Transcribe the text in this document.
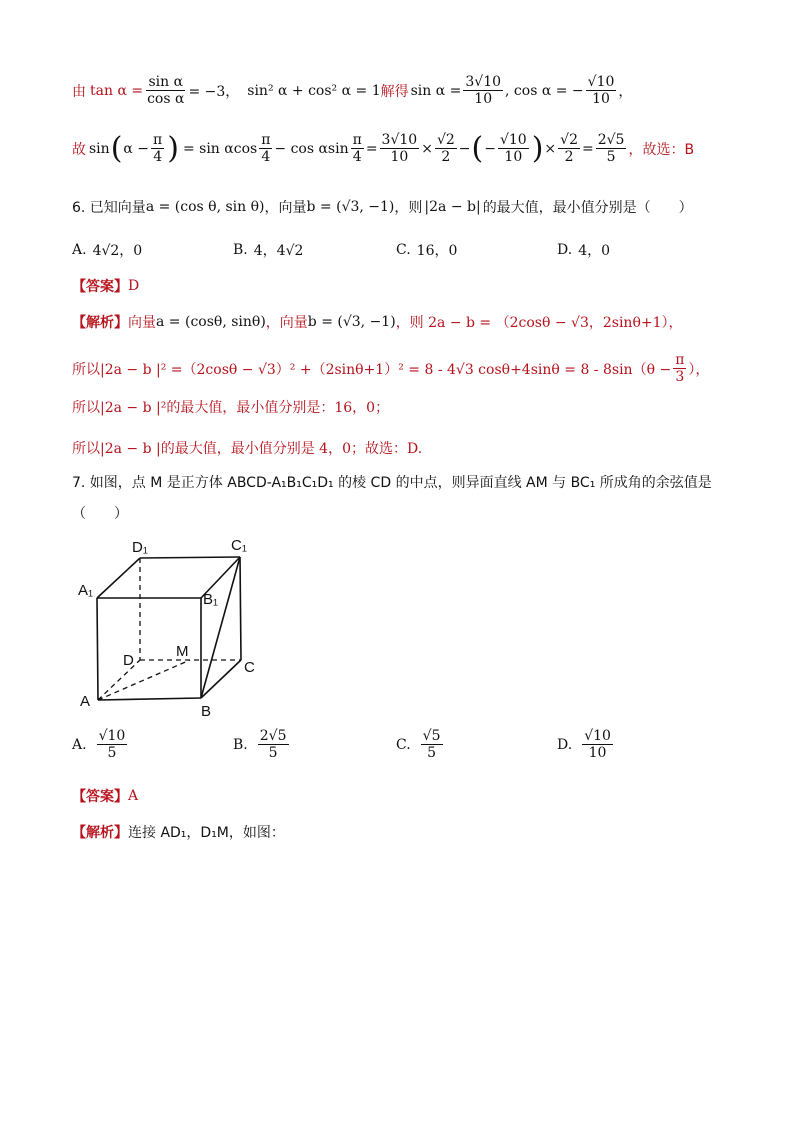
由 $\tan \alpha = \frac{\text{sin α}}{\text{cos α}} = -3$， sin² α + cos² α = 1 解得 $\sin \alpha = \frac{3√10}{10}$ , cos α = − $\frac{√10}{10}$ ，
故 sin ( $\alpha - \frac{\pi}{4}$ ) = sin αcos $\frac{\pi}{4} - \cos \alpha\sin \frac{\pi}{4} = \frac{3√10}{10} \times \frac{√2}{2}$ − ( − $\frac{√10}{10}$ ) × $\frac{√2}{2} = \frac{2√5}{5}$ ，故选：B
6. 已知向量 a = (cos θ, sin θ) ，向量 b = (√3, −1) ，则 |2a − b| 的最大值，最小值分别是（　　）
A. 4√2，0	B. 4，4√2	C. 16，0	D. 4，0
【答案】 D
【解析】 向量 a = (cosθ, sinθ) ，向量 b = (√3, −1) ，则 2a − b = （2cosθ − √3，2sinθ+1），
所以|2a − b |² =（2cosθ − √3）² +（2sinθ+1）² = 8 - 4√3 $\cos\theta+4\sin\theta = 8 - 8\sin(\theta - \frac{\pi}{3}$ ），
所以|2a − b |²的最大值，最小值分别是：16，0；
所以|2a − b |的最大值，最小值分别是 4，0；故选：D.
7. 如图，点 M 是正方体 ABCD-A₁B₁C₁D₁ 的棱 CD 的中点，则异面直线 AM 与 BC₁ 所成角的余弦值是
（　　）
D₁	C₁
A₁
B₁
D
M
C
A
B
A. $\frac{√10}{5}$	B. $\frac{2√5}{5}$	C. $\frac{√5}{5}$	D. $\frac{√10}{10}$
【答案】 A
【解析】 连接 AD₁，D₁M，如图：
